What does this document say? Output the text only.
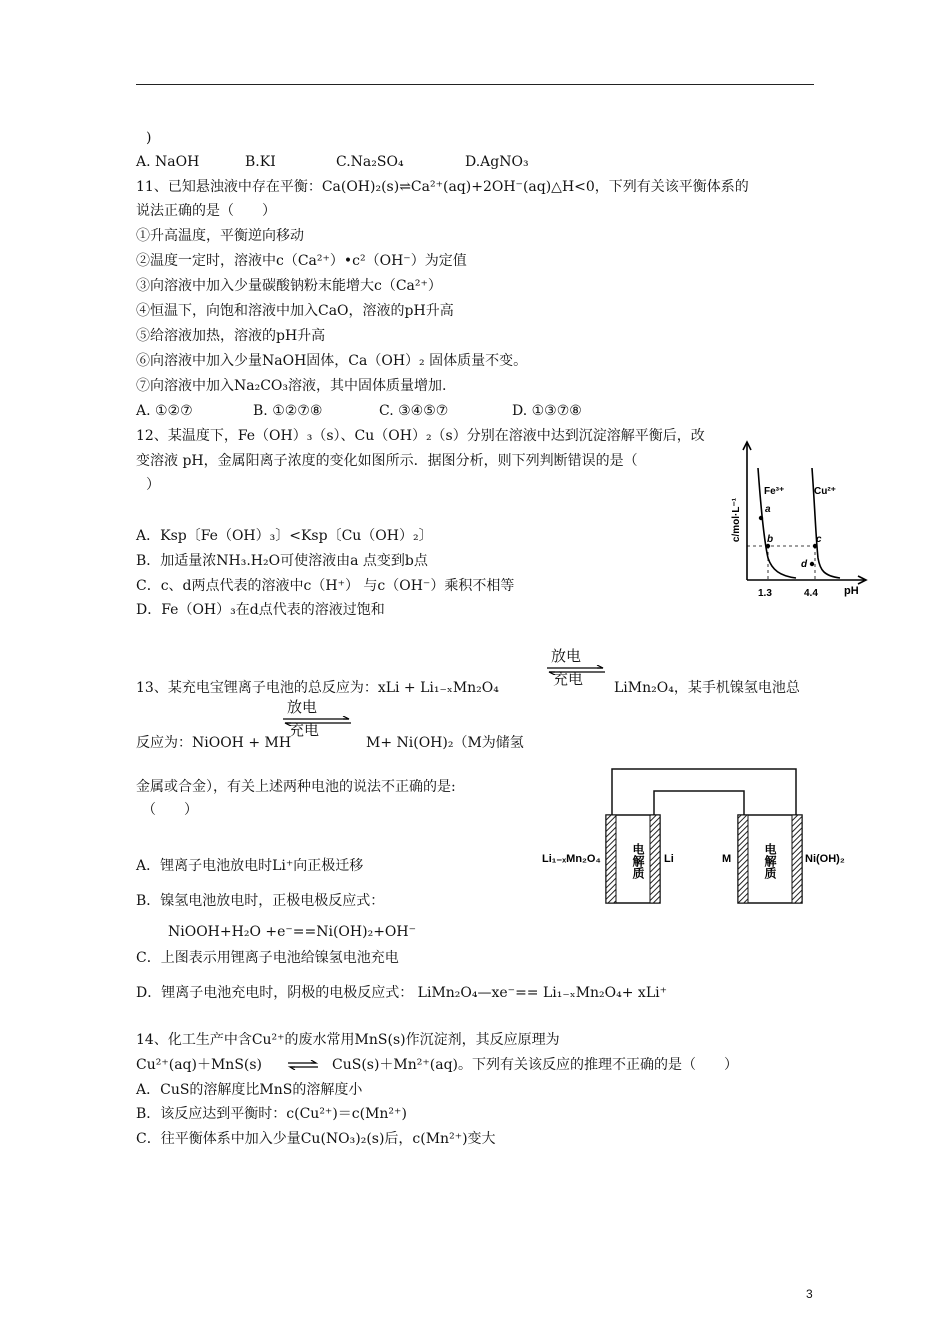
)
A. NaOH	B.KI	C.Na₂SO₄	D.AgNO₃
11、已知悬浊液中存在平衡：Ca(OH)₂(s)⇌Ca²⁺(aq)+2OH⁻(aq)△H<0，下列有关该平衡体系的
说法正确的是（　　）
①升高温度，平衡逆向移动
②温度一定时，溶液中c（Ca²⁺）•c²（OH⁻）为定值
③向溶液中加入少量碳酸钠粉末能增大c（Ca²⁺）
④恒温下，向饱和溶液中加入CaO，溶液的pH升高
⑤给溶液加热，溶液的pH升高
⑥向溶液中加入少量NaOH固体，Ca（OH）₂ 固体质量不变。
⑦向溶液中加入Na₂CO₃溶液，其中固体质量增加.
A. ①②⑦	B. ①②⑦⑧	C. ③④⑤⑦	D. ①③⑦⑧
12、某温度下，Fe（OH）₃（s）、Cu（OH）₂（s）分别在溶液中达到沉淀溶解平衡后，改
变溶液 pH，金属阳离子浓度的变化如图所示．据图分析，则下列判断错误的是（
）
A．Ksp〔Fe（OH）₃〕<Ksp〔Cu（OH）₂〕
B．加适量浓NH₃.H₂O可使溶液由a 点变到b点
C．c、d两点代表的溶液中c（H⁺） 与c（OH⁻）乘积不相等
D．Fe（OH）₃在d点代表的溶液过饱和
c/mol·L⁻¹
pH
1.3	4.4
Fe³⁺	Cu²⁺
a
b	c
d
放电
充电
13、某充电宝锂离子电池的总反应为：xLi + Li₁₋ₓMn₂O₄	LiMn₂O₄，某手机镍氢电池总
放电
充电
反应为：NiOOH + MH	M+ Ni(OH)₂（M为储氢
金属或合金），有关上述两种电池的说法不正确的是:
（　　）
Li₁₋ₓMn₂O₄	电解质 Li	M	电解质	Ni(OH)₂
A．锂离子电池放电时Li⁺向正极迁移
B．镍氢电池放电时，正极电极反应式：
NiOOH+H₂O +e⁻==Ni(OH)₂+OH⁻
C．上图表示用锂离子电池给镍氢电池充电
D．锂离子电池充电时，阴极的电极反应式： LiMn₂O₄—xe⁻== Li₁₋ₓMn₂O₄+ xLi⁺
14、化工生产中含Cu²⁺的废水常用MnS(s)作沉淀剂，其反应原理为
Cu²⁺(aq)＋MnS(s)	CuS(s)＋Mn²⁺(aq)。下列有关该反应的推理不正确的是（　　）
A．CuS的溶解度比MnS的溶解度小
B．该反应达到平衡时：c(Cu²⁺)＝c(Mn²⁺)
C．往平衡体系中加入少量Cu(NO₃)₂(s)后，c(Mn²⁺)变大
3
